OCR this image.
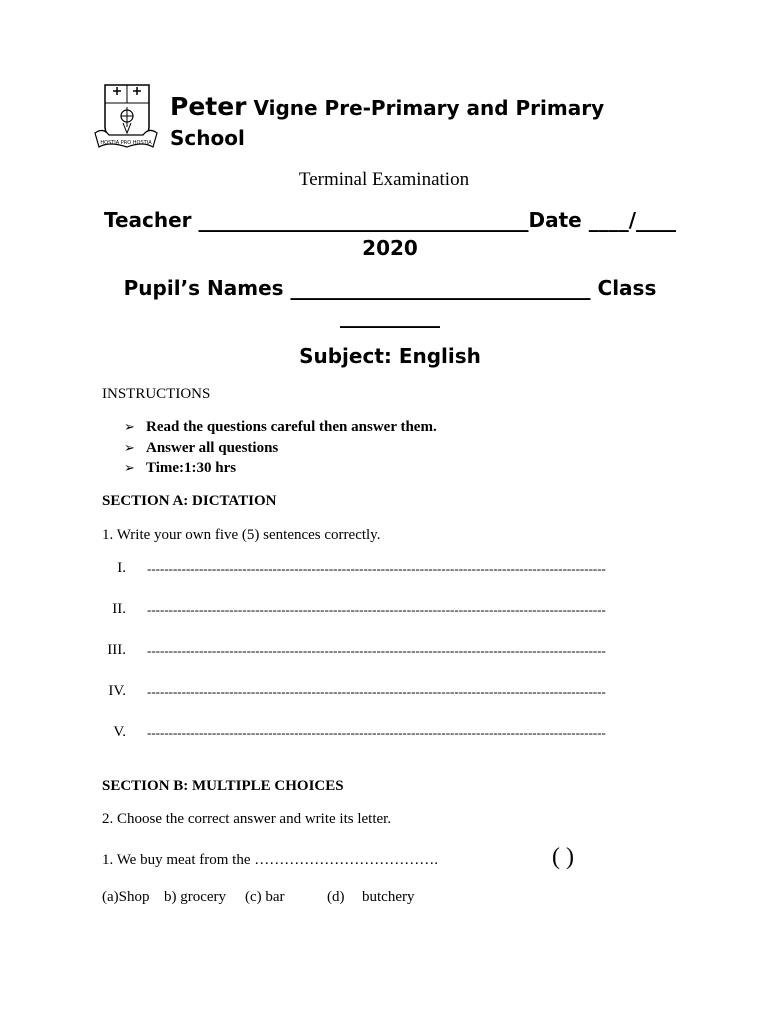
HOSTIA PRO HOSTIA
Peter Vigne Pre-Primary and Primary School
Terminal Examination
Teacher _________________________________Date ____/____ 2020
Pupil’s Names ______________________________ Class __________
Subject: English
INSTRUCTIONS
➢ Read the questions careful then answer them.
➢ Answer all questions
➢ Time:1:30 hrs
SECTION A: DICTATION
1. Write your own five (5) sentences correctly.
I. ----------------------------------------------------------------------------------------------------------
II. ----------------------------------------------------------------------------------------------------------
III. ----------------------------------------------------------------------------------------------------------
IV. ----------------------------------------------------------------------------------------------------------
V. ----------------------------------------------------------------------------------------------------------
SECTION B: MULTIPLE CHOICES
2. Choose the correct answer and write its letter.
1. We buy meat from the ……………………………….	( )
(a)Shop b) grocery (c) bar	(d) butchery
